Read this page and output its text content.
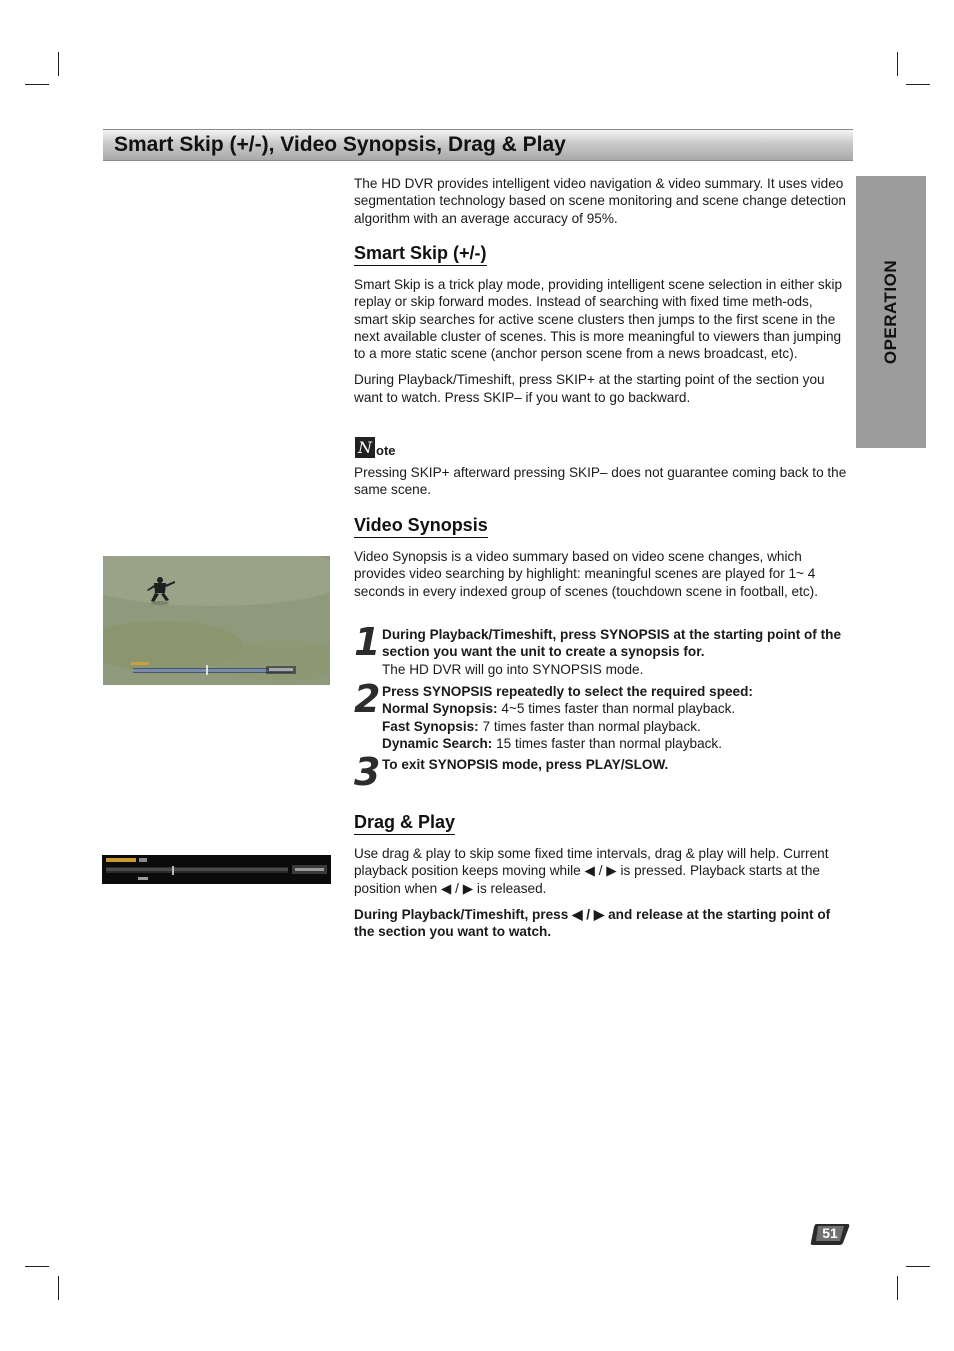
Smart Skip (+/-), Video Synopsis, Drag & Play
OPERATION

The HD DVR provides intelligent video navigation & video summary. It uses video segmentation technology based on scene monitoring and scene change detection algorithm with an average accuracy of 95%.

Smart Skip (+/-)

Smart Skip is a trick play mode, providing intelligent scene selection in either skip replay or skip forward modes. Instead of searching with fixed time meth-ods, smart skip searches for active scene clusters then jumps to the first scene in the next available cluster of scenes. This is more meaningful to viewers than jumping to a more static scene (anchor person scene from a news broadcast, etc).

During Playback/Timeshift, press SKIP+ at the starting point of the section you want to watch. Press SKIP– if you want to go backward.

N ote

Pressing SKIP+ afterward pressing SKIP– does not guarantee coming back to the same scene.

Video Synopsis

Video Synopsis is a video summary based on video scene changes, which provides video searching by highlight: meaningful scenes are played for 1~ 4 seconds in every indexed group of scenes (touchdown scene in football, etc).

1 During Playback/Timeshift, press SYNOPSIS at the starting point of the section you want the unit to create a synopsis for.

The HD DVR will go into SYNOPSIS mode.

2 Press SYNOPSIS repeatedly to select the required speed:

Normal Synopsis: 4~5 times faster than normal playback.

Fast Synopsis: 7 times faster than normal playback.

Dynamic Search: 15 times faster than normal playback.

3 To exit SYNOPSIS mode, press PLAY/SLOW.

Drag & Play

Use drag & play to skip some fixed time intervals, drag & play will help. Current playback position keeps moving while ◀ / ▶ is pressed. Playback starts at the position when ◀ / ▶ is released.

During Playback/Timeshift, press ◀ / ▶ and release at the starting point of the section you want to watch.

51
